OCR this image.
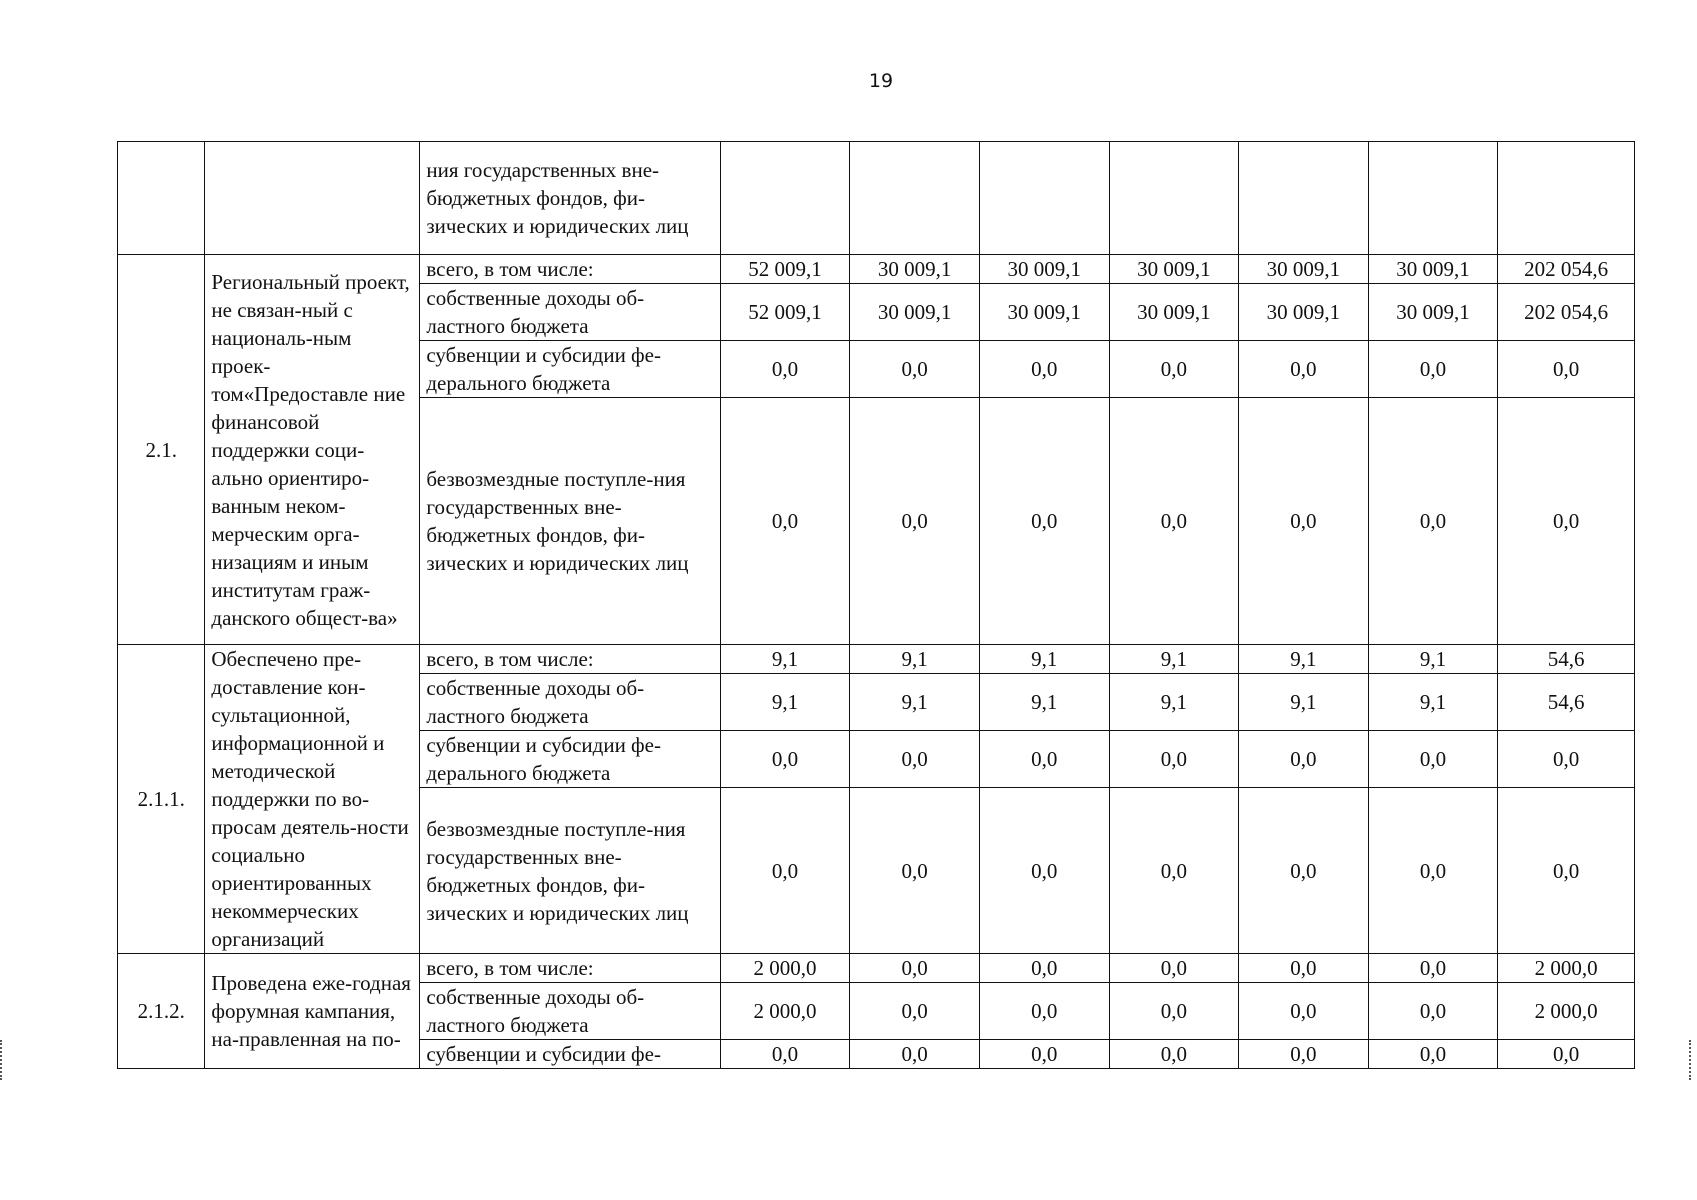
19
		ния государственных вне-бюджетных фондов, фи-зических и юридических лиц							
2.1.	Региональный проект, не связан-ный с националь-ным проек-том«Предоставле ние финансовой поддержки соци-ально ориентиро-ванным неком-мерческим орга-низациям и иным институтам граж-данского общест-ва»	всего, в том числе:	52 009,1	30 009,1	30 009,1	30 009,1	30 009,1	30 009,1	202 054,6
		собственные доходы об-ластного бюджета	52 009,1	30 009,1	30 009,1	30 009,1	30 009,1	30 009,1	202 054,6
		субвенции и субсидии фе-дерального бюджета	0,0	0,0	0,0	0,0	0,0	0,0	0,0
		безвозмездные поступле-ния государственных вне-бюджетных фондов, фи-зических и юридических лиц	0,0	0,0	0,0	0,0	0,0	0,0	0,0
2.1.1.	Обеспечено пре-доставление кон-сультационной, информационной и методической поддержки по во-просам деятель-ности социально ориентированных некоммерческих организаций	всего, в том числе:	9,1	9,1	9,1	9,1	9,1	9,1	54,6
		собственные доходы об-ластного бюджета	9,1	9,1	9,1	9,1	9,1	9,1	54,6
		субвенции и субсидии фе-дерального бюджета	0,0	0,0	0,0	0,0	0,0	0,0	0,0
		безвозмездные поступле-ния государственных вне-бюджетных фондов, фи-зических и юридических лиц	0,0	0,0	0,0	0,0	0,0	0,0	0,0
2.1.2.	Проведена еже-годная форумная кампания, на-правленная на по-	всего, в том числе:	2 000,0	0,0	0,0	0,0	0,0	0,0	2 000,0
		собственные доходы об-ластного бюджета	2 000,0	0,0	0,0	0,0	0,0	0,0	2 000,0
		субвенции и субсидии фе-	0,0	0,0	0,0	0,0	0,0	0,0	0,0
